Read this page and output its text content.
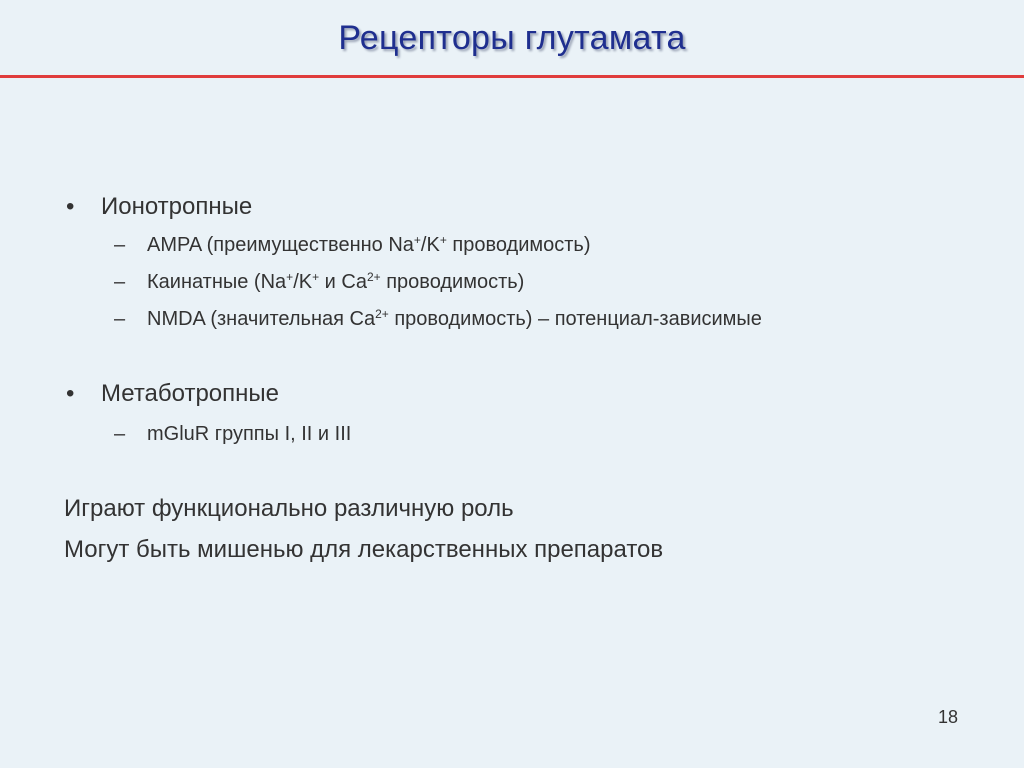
Рецепторы глутамата
• Ионотропные
– AMPA (преимущественно Na+/K+ проводимость)
– Каинатные (Na+/K+ и $Ca^{2+}$ проводимость)
– NMDA (значительная $Ca^{2+}$ проводимость) – потенциал-зависимые
• Метаботропные
– mGluR группы I, II и III
Играют функционально различную роль
Могут быть мишенью для лекарственных препаратов
18
